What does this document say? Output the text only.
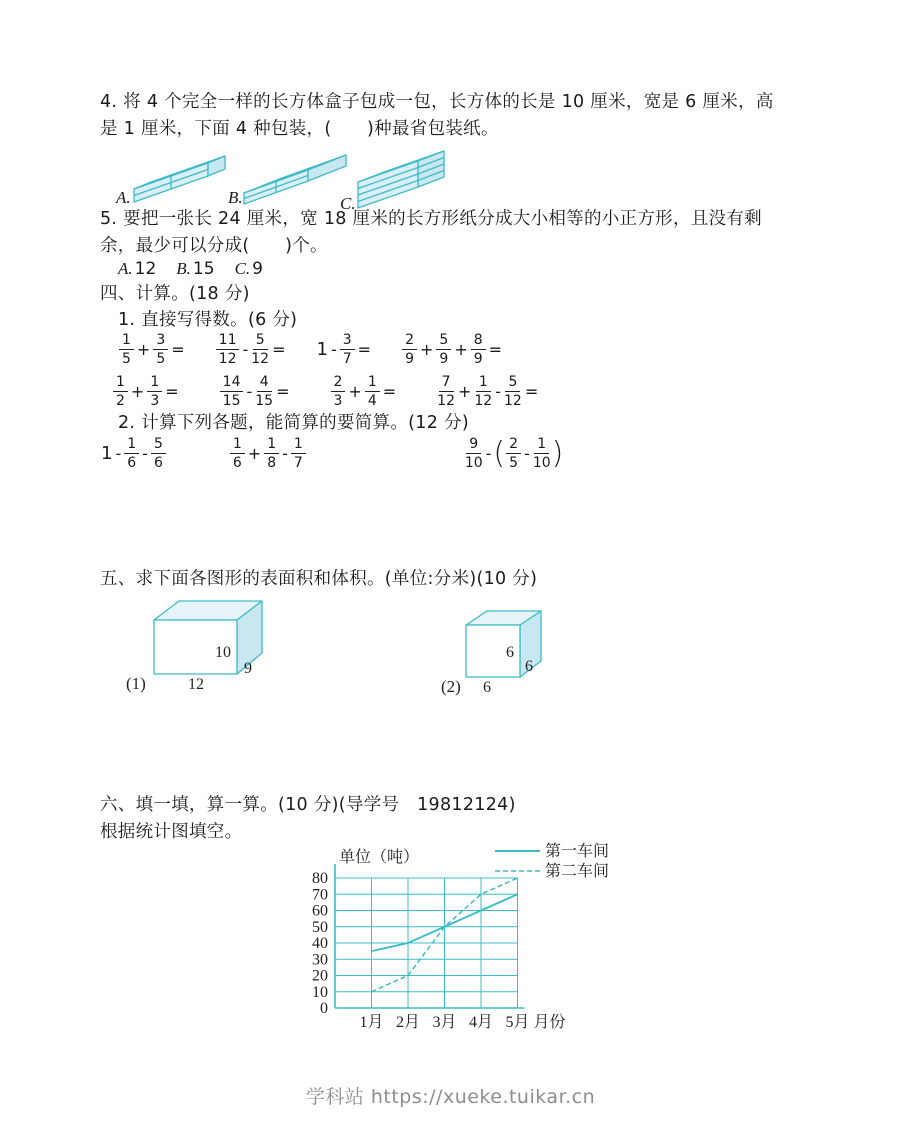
4. 将 4 个完全一样的长方体盒子包成一包，长方体的长是 10 厘米，宽是 6 厘米，高
是 1 厘米，下面 4 种包装，(　　)种最省包装纸。
A.	B.	C.
5. 要把一张长 24 厘米，宽 18 厘米的长方形纸分成大小相等的小正方形，且没有剩
余，最少可以分成(　　)个。
A. 12 B. 15 C. 9
四、计算。(18 分)
1. 直接写得数。(6 分)
$\frac{1}{5} + \frac{3}{5} = \frac{11}{12} - \frac{5}{12} = 1 - \frac{3}{7} = \frac{2}{9} + \frac{5}{9} + \frac{8}{9}$ =
$\frac{1}{2} + \frac{1}{3}$ =	$\frac{14}{15} - \frac{4}{15}$ =	$\frac{2}{3} + \frac{1}{4}$ =	$\frac{7}{12} + \frac{1}{12} - \frac{5}{12}$ =
2. 计算下列各题，能简算的要简算。(12 分)
$1 - \frac{1}{6} - \frac{5}{6}$	$\frac{1}{6} + \frac{1}{8} - \frac{1}{7}$	$\frac{9}{10}$ - ( $\frac{2}{5} - \frac{1}{10}$ )
五、求下面各图形的表面积和体积。(单位:分米)(10 分)
10
9
12
(1)
6
6
6
(2)
六、填一填，算一算。(10 分)(导学号　19812124)
根据统计图填空。
0
10
20
30
40
50
60
70
80
1月 2月 3月 4月 5月
单位（吨）
月份
第一车间
第二车间
学科站 https://xueke.tuikar.cn
